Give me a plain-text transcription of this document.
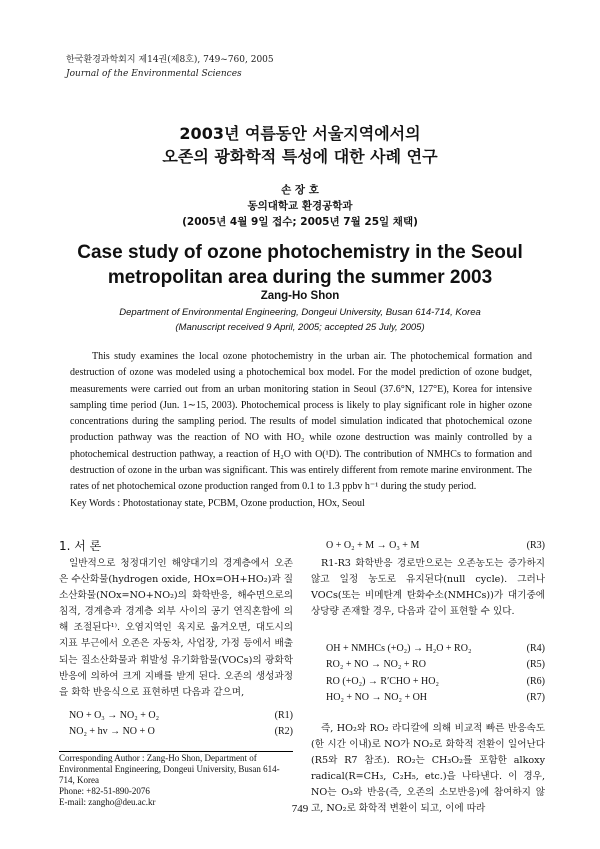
한국환경과학회지 제14권(제8호), 749~760, 2005
Journal of the Environmental Sciences
2003년 여름동안 서울지역에서의
오존의 광화학적 특성에 대한 사례 연구
손 장 호
동의대학교 환경공학과
(2005년 4월 9일 접수; 2005년 7월 25일 채택)
Case study of ozone photochemistry in the Seoul
metropolitan area during the summer 2003
Zang-Ho Shon
Department of Environmental Engineering, Dongeui University, Busan 614-714, Korea
(Manuscript received 9 April, 2005; accepted 25 July, 2005)

This study examines the local ozone photochemistry in the urban air. The photochemical formation and destruction of ozone was modeled using a photochemical box model. For the model prediction of ozone budget, measurements were carried out from an urban monitoring station in Seoul (37.6°N, 127°E), Korea for intensive sampling time period (Jun. 1∼15, 2003). Photochemical process is likely to play significant role in higher ozone concentrations during the sampling period. The results of model simulation indicated that photochemical ozone production pathway was the reaction of NO with HO₂ while ozone destruction was mainly controlled by a photochemical destruction pathway, a reaction of H₂O with O(¹D). The contribution of NMHCs to formation and destruction of ozone in the urban was significant. This was entirely different from remote marine environment. The rates of net photochemical ozone production ranged from 0.1 to 1.3 ppbv h⁻¹ during the study period.

Key Words : Photostationay state, PCBM, Ozone production, HOx, Seoul
1. 서 론

일반적으로 청정대기인 해양대기의 경계층에서 오존은 수산화물(hydrogen oxide, HOx=OH+HO₂)과 질소산화물(NOx=NO+NO₂)의 화학반응, 해수면으로의 침적, 경계층과 경계층 외부 사이의 공기 연직혼합에 의해 조절된다¹⁾. 오염지역인 육지로 옮겨오면, 대도시의 지표 부근에서 오존은 자동차, 사업장, 가정 등에서 배출되는 질소산화물과 휘발성 유기화합물(VOCs)의 광화학반응에 의하여 크게 지배를 받게 된다. 오존의 생성과정을 화학 반응식으로 표현하면 다음과 같으며,

NO + O₃ → NO₂ + O₂	(R1)
NO₂ + hv → NO + O	(R2)
Corresponding Author : Zang-Ho Shon, Department of Environmental Engineering, Dongeui University, Busan 614-714, Korea
Phone: +82-51-890-2076
E-mail: zangho@deu.ac.kr
O + O₂ + M → O₃ + M	(R3)

R1-R3 화학반응 경로만으로는 오존농도는 증가하지 않고 일정 농도로 유지된다(null cycle). 그러나 VOCs(또는 비메탄계 탄화수소(NMHCs))가 대기중에 상당량 존재할 경우, 다음과 같이 표현할 수 있다.

OH + NMHCs (+O₂) → H₂O + RO₂	(R4)
RO₂ + NO → NO₂ + RO	(R5)
RO (+O₂) → R′CHO + HO₂	(R6)
HO₂ + NO → NO₂ + OH	(R7)

즉, HO₂와 RO₂ 라디칼에 의해 비교적 빠른 반응속도(한 시간 이내)로 NO가 NO₂로 화학적 전환이 일어난다(R5와 R7 참조). RO₂는 CH₃O₂를 포함한 alkoxy radical(R=CH₃, C₂H₅, etc.)을 나타낸다. 이 경우, NO는 O₃와 반응(즉, 오존의 소모반응)에 참여하지 않고, NO₂로 화학적 변환이 되고, 이에 따라

749
